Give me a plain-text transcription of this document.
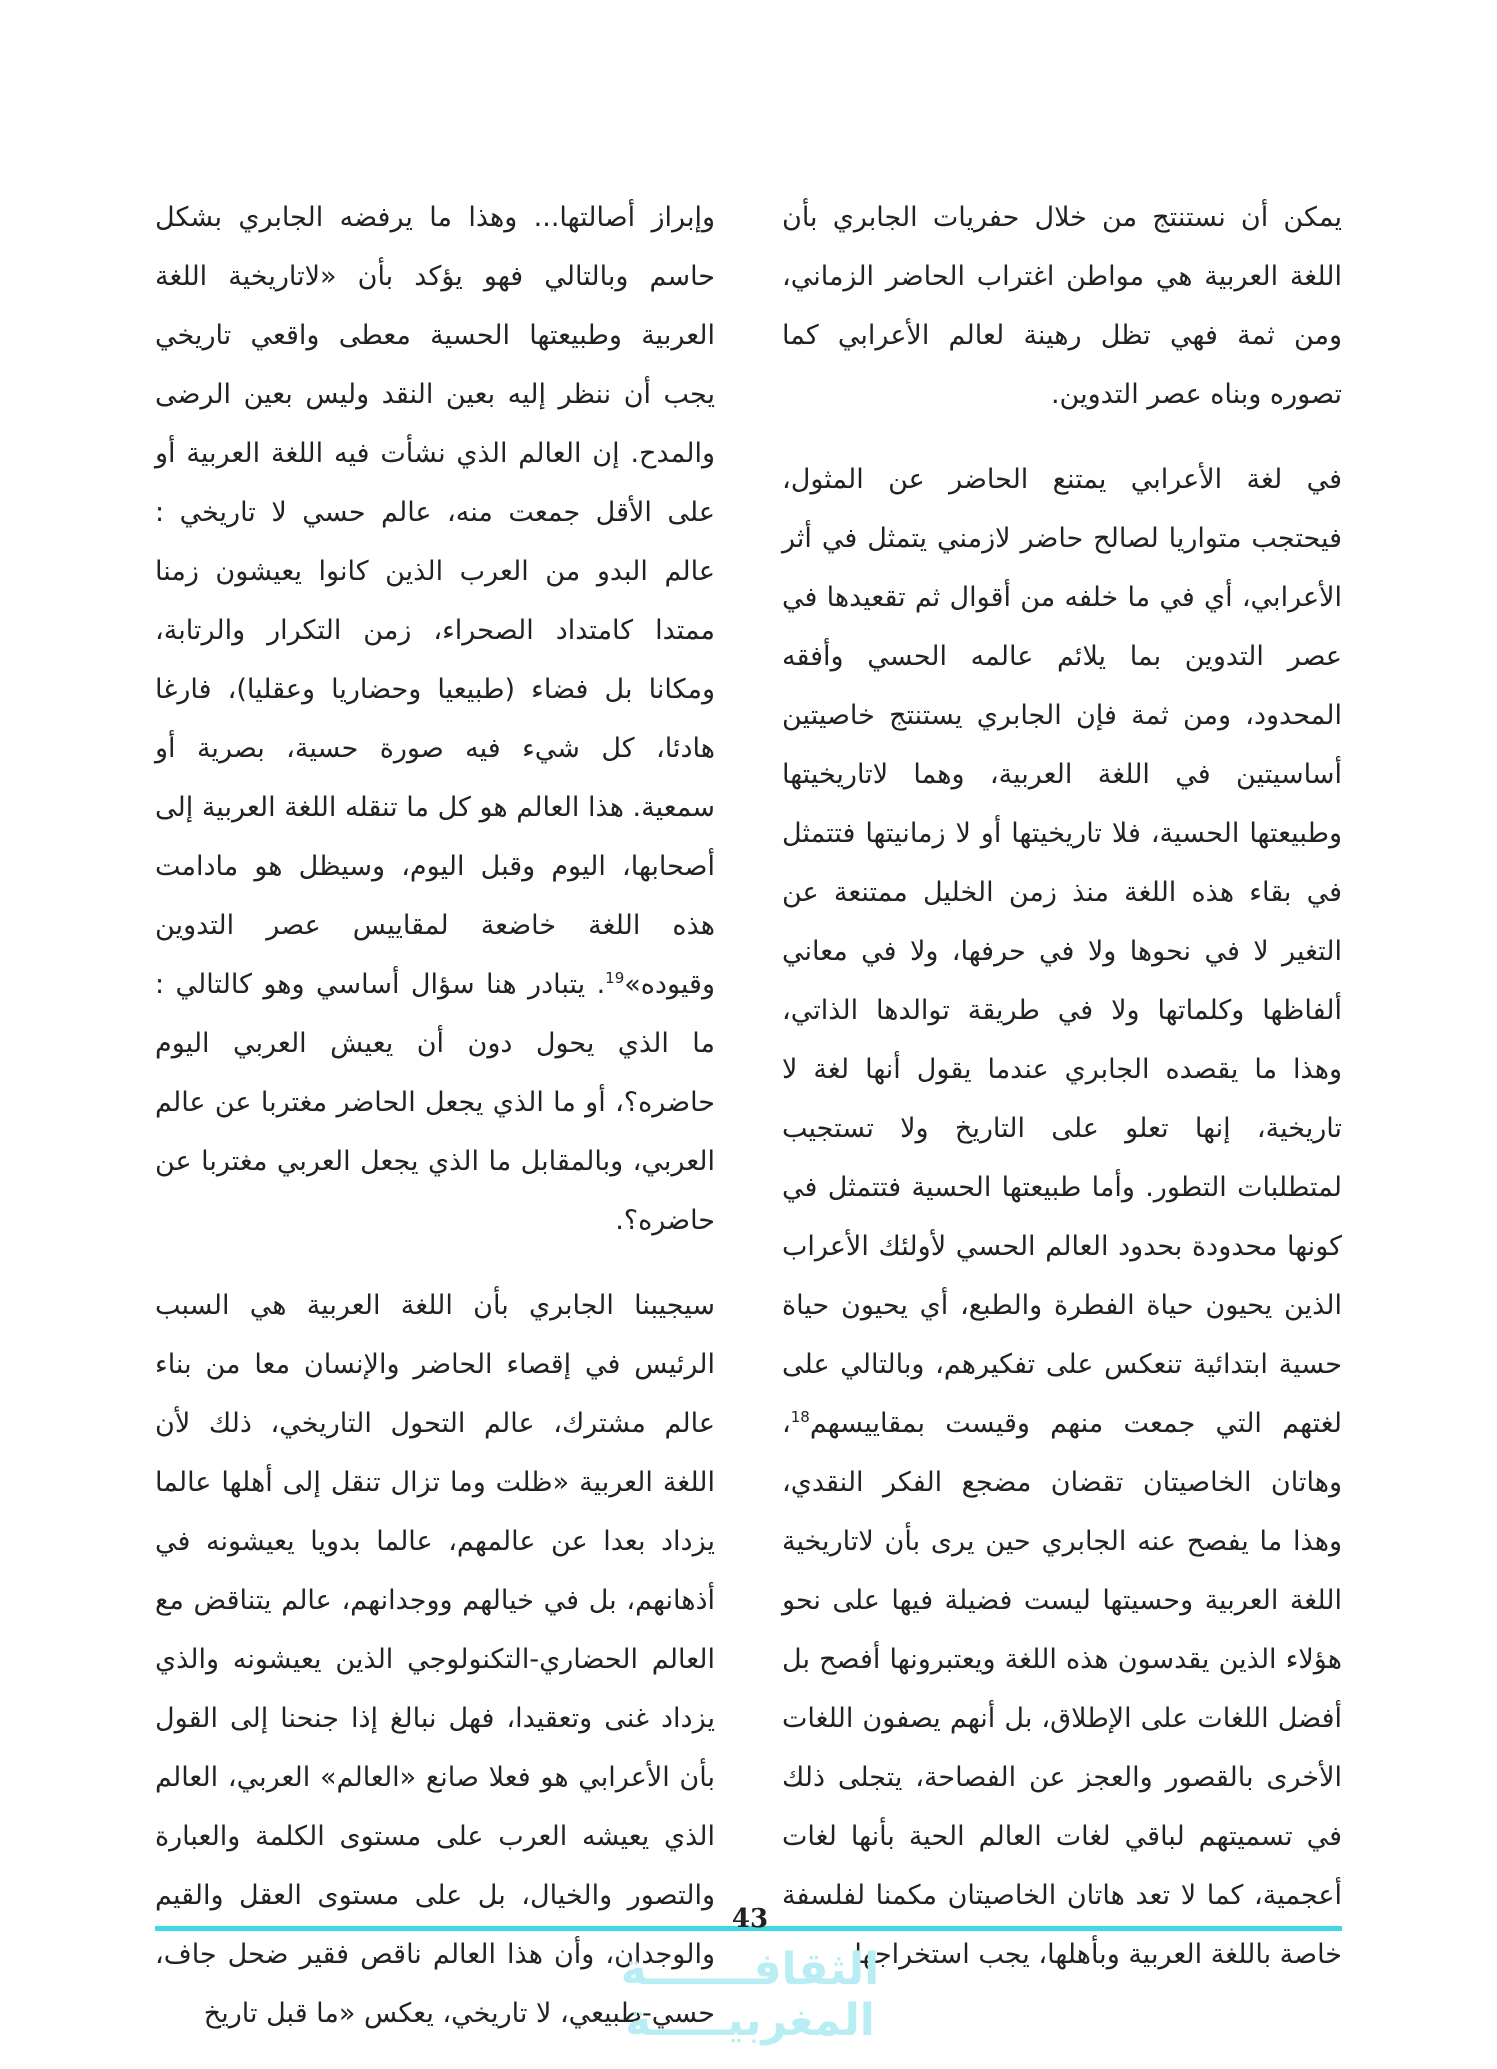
يمكن أن نستنتج من خلال حفريات الجابري بأن اللغة العربية هي مواطن اغتراب الحاضر الزماني، ومن ثمة فهي تظل رهينة لعالم الأعرابي كما تصوره وبناه عصر التدوين.

في لغة الأعرابي يمتنع الحاضر عن المثول، فيحتجب متواريا لصالح حاضر لازمني يتمثل في أثر الأعرابي، أي في ما خلفه من أقوال ثم تقعيدها في عصر التدوين بما يلائم عالمه الحسي وأفقه المحدود، ومن ثمة فإن الجابري يستنتج خاصيتين أساسيتين في اللغة العربية، وهما لاتاريخيتها وطبيعتها الحسية، فلا تاريخيتها أو لا زمانيتها فتتمثل في بقاء هذه اللغة منذ زمن الخليل ممتنعة عن التغير لا في نحوها ولا في حرفها، ولا في معاني ألفاظها وكلماتها ولا في طريقة توالدها الذاتي، وهذا ما يقصده الجابري عندما يقول أنها لغة لا تاريخية، إنها تعلو على التاريخ ولا تستجيب لمتطلبات التطور. وأما طبيعتها الحسية فتتمثل في كونها محدودة بحدود العالم الحسي لأولئك الأعراب الذين يحيون حياة الفطرة والطبع، أي يحيون حياة حسية ابتدائية تنعكس على تفكيرهم، وبالتالي على لغتهم التي جمعت منهم وقيست بمقاييسهم$^{18}$، وهاتان الخاصيتان تقضان مضجع الفكر النقدي، وهذا ما يفصح عنه الجابري حين يرى بأن لاتاريخية اللغة العربية وحسيتها ليست فضيلة فيها على نحو هؤلاء الذين يقدسون هذه اللغة ويعتبرونها أفصح بل أفضل اللغات على الإطلاق، بل أنهم يصفون اللغات الأخرى بالقصور والعجز عن الفصاحة، يتجلى ذلك في تسميتهم لباقي لغات العالم الحية بأنها لغات أعجمية، كما لا تعد هاتان الخاصيتان مكمنا لفلسفة خاصة باللغة العربية وبأهلها، يجب استخراجها

وإبراز أصالتها... وهذا ما يرفضه الجابري بشكل حاسم وبالتالي فهو يؤكد بأن «لاتاريخية اللغة العربية وطبيعتها الحسية معطى واقعي تاريخي يجب أن ننظر إليه بعين النقد وليس بعين الرضى والمدح. إن العالم الذي نشأت فيه اللغة العربية أو على الأقل جمعت منه، عالم حسي لا تاريخي : عالم البدو من العرب الذين كانوا يعيشون زمنا ممتدا كامتداد الصحراء، زمن التكرار والرتابة، ومكانا بل فضاء (طبيعيا وحضاريا وعقليا)، فارغا هادئا، كل شيء فيه صورة حسية، بصرية أو سمعية. هذا العالم هو كل ما تنقله اللغة العربية إلى أصحابها، اليوم وقبل اليوم، وسيظل هو مادامت هذه اللغة خاضعة لمقاييس عصر التدوين وقيوده»$^{19}$. يتبادر هنا سؤال أساسي وهو كالتالي : ما الذي يحول دون أن يعيش العربي اليوم حاضره؟، أو ما الذي يجعل الحاضر مغتربا عن عالم العربي، وبالمقابل ما الذي يجعل العربي مغتربا عن حاضره؟.

سيجيبنا الجابري بأن اللغة العربية هي السبب الرئيس في إقصاء الحاضر والإنسان معا من بناء عالم مشترك، عالم التحول التاريخي، ذلك لأن اللغة العربية «ظلت وما تزال تنقل إلى أهلها عالما يزداد بعدا عن عالمهم، عالما بدويا يعيشونه في أذهانهم، بل في خيالهم ووجدانهم، عالم يتناقض مع العالم الحضاري-التكنولوجي الذين يعيشونه والذي يزداد غنى وتعقيدا، فهل نبالغ إذا جنحنا إلى القول بأن الأعرابي هو فعلا صانع «العالم» العربي، العالم الذي يعيشه العرب على مستوى الكلمة والعبارة والتصور والخيال، بل على مستوى العقل والقيم والوجدان، وأن هذا العالم ناقص فقير ضحل جاف، حسي-طبيعي، لا تاريخي، يعكس «ما قبل تاريخ

43
الثقافـــــــة المغربيـــــة
